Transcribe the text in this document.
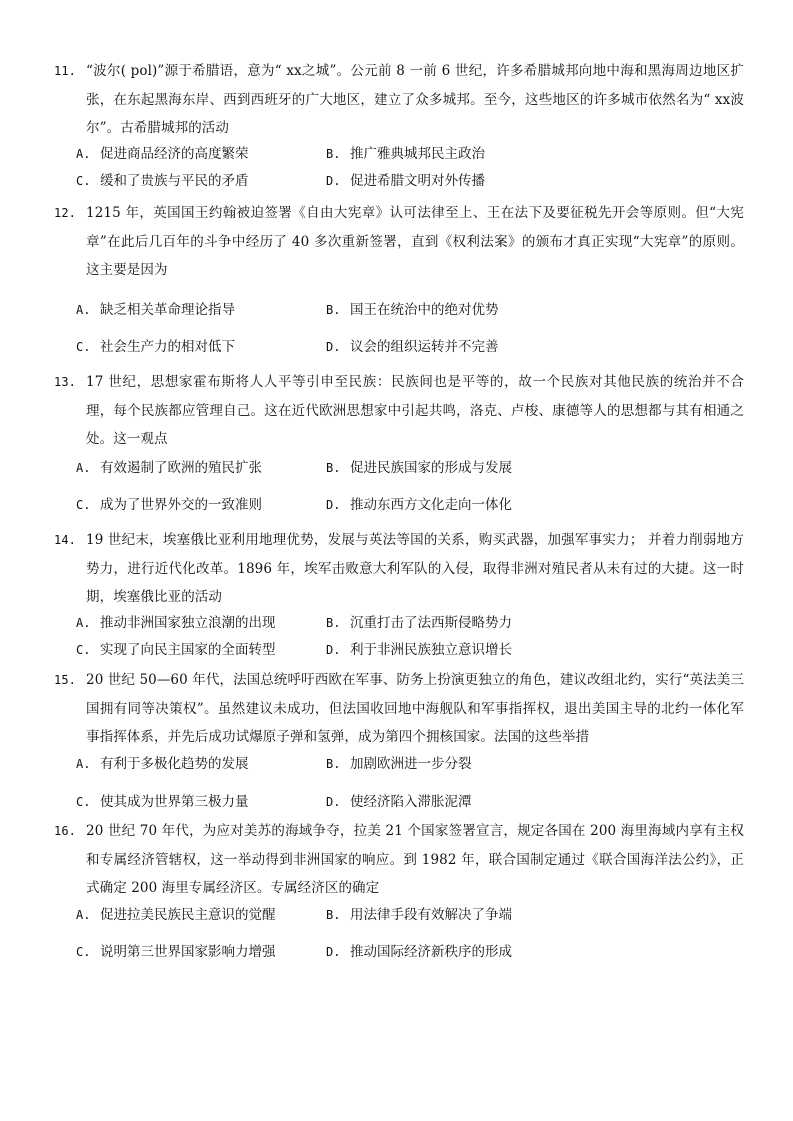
11. “波尔( pol)”源于希腊语，意为“ xx之城”。公元前 8 一前 6 世纪，许多希腊城邦向地中海和黑海周边地区扩张，在东起黑海东岸、西到西班牙的广大地区，建立了众多城邦。至今，这些地区的许多城市依然名为“ xx波尔”。古希腊城邦的活动

A. 促进商品经济的高度繁荣	B. 推广雅典城邦民主政治
C. 缓和了贵族与平民的矛盾	D. 促进希腊文明对外传播

12. 1215 年，英国国王约翰被迫签署《自由大宪章》认可法律至上、王在法下及要征税先开会等原则。但“大宪章”在此后几百年的斗争中经历了 40 多次重新签署，直到《权利法案》的颁布才真正实现“大宪章”的原则。这主要是因为

A. 缺乏相关革命理论指导	B. 国王在统治中的绝对优势
C. 社会生产力的相对低下	D. 议会的组织运转并不完善

13. 17 世纪，思想家霍布斯将人人平等引申至民族：民族间也是平等的，故一个民族对其他民族的统治并不合理，每个民族都应管理自己。这在近代欧洲思想家中引起共鸣，洛克、卢梭、康德等人的思想都与其有相通之处。这一观点

A. 有效遏制了欧洲的殖民扩张	B. 促进民族国家的形成与发展
C. 成为了世界外交的一致准则	D. 推动东西方文化走向一体化

14. 19 世纪末，埃塞俄比亚利用地理优势，发展与英法等国的关系，购买武器，加强军事实力； 并着力削弱地方势力，进行近代化改革。1896 年，埃军击败意大利军队的入侵，取得非洲对殖民者从未有过的大捷。这一时期，埃塞俄比亚的活动

A. 推动非洲国家独立浪潮的出现	B. 沉重打击了法西斯侵略势力
C. 实现了向民主国家的全面转型	D. 利于非洲民族独立意识增长

15. 20 世纪 50—60 年代，法国总统呼吁西欧在军事、防务上扮演更独立的角色，建议改组北约，实行“英法美三国拥有同等决策权”。虽然建议未成功，但法国收回地中海舰队和军事指挥权，退出美国主导的北约一体化军事指挥体系，并先后成功试爆原子弹和氢弹，成为第四个拥核国家。法国的这些举措

A. 有利于多极化趋势的发展	B. 加剧欧洲进一步分裂
C. 使其成为世界第三极力量	D. 使经济陷入滞胀泥潭

16. 20 世纪 70 年代，为应对美苏的海域争夺，拉美 21 个国家签署宣言，规定各国在 200 海里海域内享有主权和专属经济管辖权，这一举动得到非洲国家的响应。到 1982 年，联合国制定通过《联合国海洋法公约》，正式确定 200 海里专属经济区。专属经济区的确定

A. 促进拉美民族民主意识的觉醒	B. 用法律手段有效解决了争端
C. 说明第三世界国家影响力增强	D. 推动国际经济新秩序的形成
